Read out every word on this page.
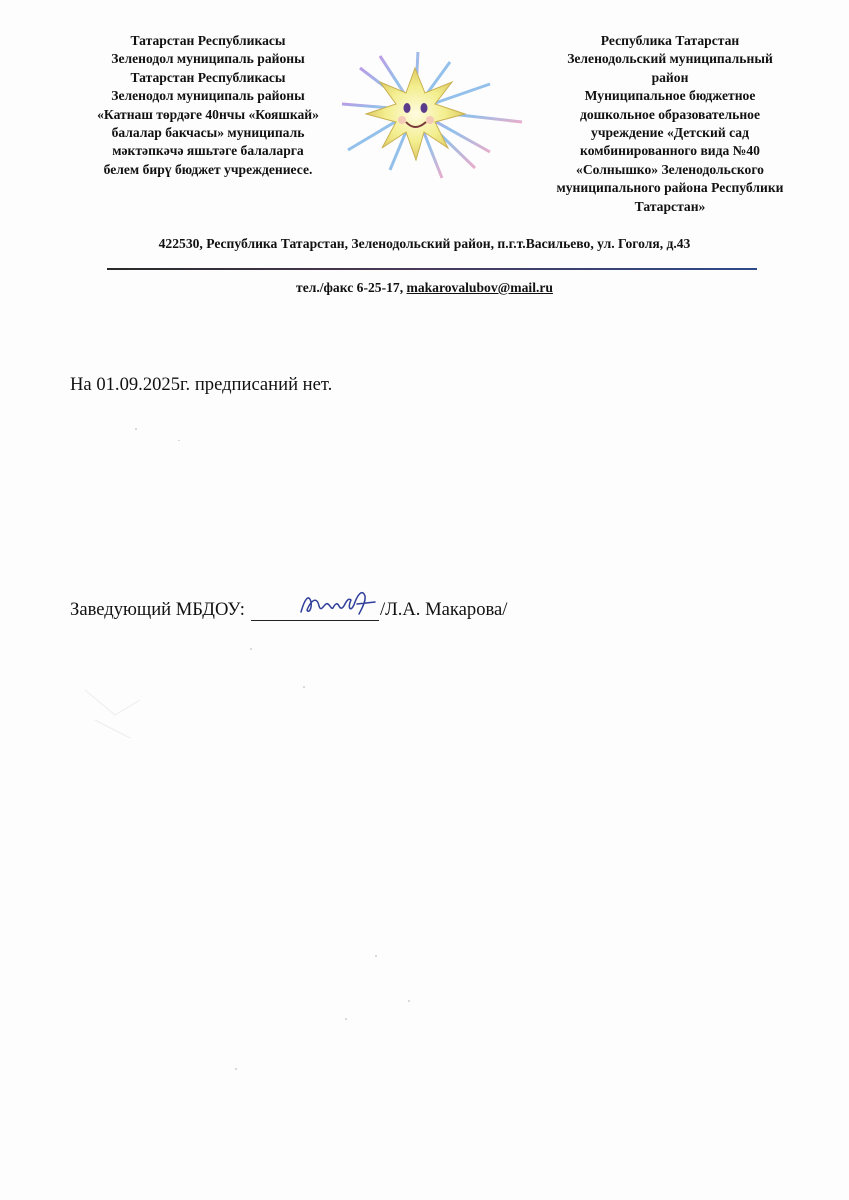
Татарстан Республикасы
Зеленодол муниципаль районы
Татарстан Республикасы
Зеленодол муниципаль районы
«Катнаш төрдәге 40нчы «Кояшкай»
балалар бакчасы» муниципаль
мәктәпкәчә яшьтәге балаларга
белем бирү бюджет учреждениесе.
Республика Татарстан
Зеленодольский муниципальный
район
Муниципальное бюджетное
дошкольное образовательное
учреждение «Детский сад
комбинированного вида №40
«Солнышко» Зеленодольского
муниципального района Республики
Татарстан»
422530, Республика Татарстан, Зеленодольский район, п.г.т.Васильево, ул. Гоголя, д.43
тел./факс 6-25-17, makarovalubov@mail.ru
На 01.09.2025г. предписаний нет.
Заведующий МБДОУ:	/Л.А. Макарова/
